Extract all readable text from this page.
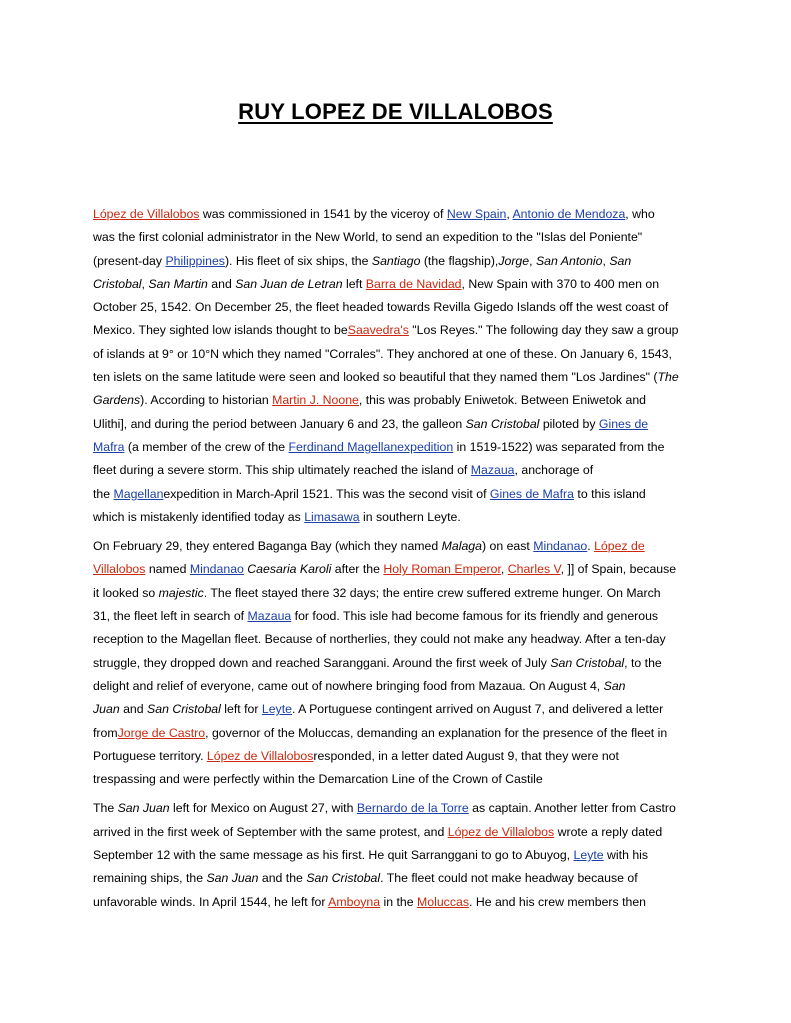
RUY LOPEZ DE VILLALOBOS

López de Villalobos was commissioned in 1541 by the viceroy of New Spain, Antonio de Mendoza, who
was the first colonial administrator in the New World, to send an expedition to the "Islas del Poniente"
(present-day Philippines). His fleet of six ships, the Santiago (the flagship),Jorge, San Antonio, San
Cristobal, San Martin and San Juan de Letran left Barra de Navidad, New Spain with 370 to 400 men on
October 25, 1542. On December 25, the fleet headed towards Revilla Gigedo Islands off the west coast of
Mexico. They sighted low islands thought to beSaavedra's "Los Reyes." The following day they saw a group
of islands at 9° or 10°N which they named "Corrales". They anchored at one of these. On January 6, 1543,
ten islets on the same latitude were seen and looked so beautiful that they named them "Los Jardines" (The
Gardens). According to historian Martin J. Noone, this was probably Eniwetok. Between Eniwetok and
Ulithi], and during the period between January 6 and 23, the galleon San Cristobal piloted by Gines de
Mafra (a member of the crew of the Ferdinand Magellanexpedition in 1519-1522) was separated from the
fleet during a severe storm. This ship ultimately reached the island of Mazaua, anchorage of
the Magellanexpedition in March-April 1521. This was the second visit of Gines de Mafra to this island
which is mistakenly identified today as Limasawa in southern Leyte.

On February 29, they entered Baganga Bay (which they named Malaga) on east Mindanao. López de
Villalobos named Mindanao Caesaria Karoli after the Holy Roman Emperor, Charles V, ]] of Spain, because
it looked so majestic. The fleet stayed there 32 days; the entire crew suffered extreme hunger. On March
31, the fleet left in search of Mazaua for food. This isle had become famous for its friendly and generous
reception to the Magellan fleet. Because of northerlies, they could not make any headway. After a ten-day
struggle, they dropped down and reached Saranggani. Around the first week of July San Cristobal, to the
delight and relief of everyone, came out of nowhere bringing food from Mazaua. On August 4, San
Juan and San Cristobal left for Leyte. A Portuguese contingent arrived on August 7, and delivered a letter
fromJorge de Castro, governor of the Moluccas, demanding an explanation for the presence of the fleet in
Portuguese territory. López de Villalobosresponded, in a letter dated August 9, that they were not
trespassing and were perfectly within the Demarcation Line of the Crown of Castile

The San Juan left for Mexico on August 27, with Bernardo de la Torre as captain. Another letter from Castro
arrived in the first week of September with the same protest, and López de Villalobos wrote a reply dated
September 12 with the same message as his first. He quit Sarranggani to go to Abuyog, Leyte with his
remaining ships, the San Juan and the San Cristobal. The fleet could not make headway because of
unfavorable winds. In April 1544, he left for Amboyna in the Moluccas. He and his crew members then
